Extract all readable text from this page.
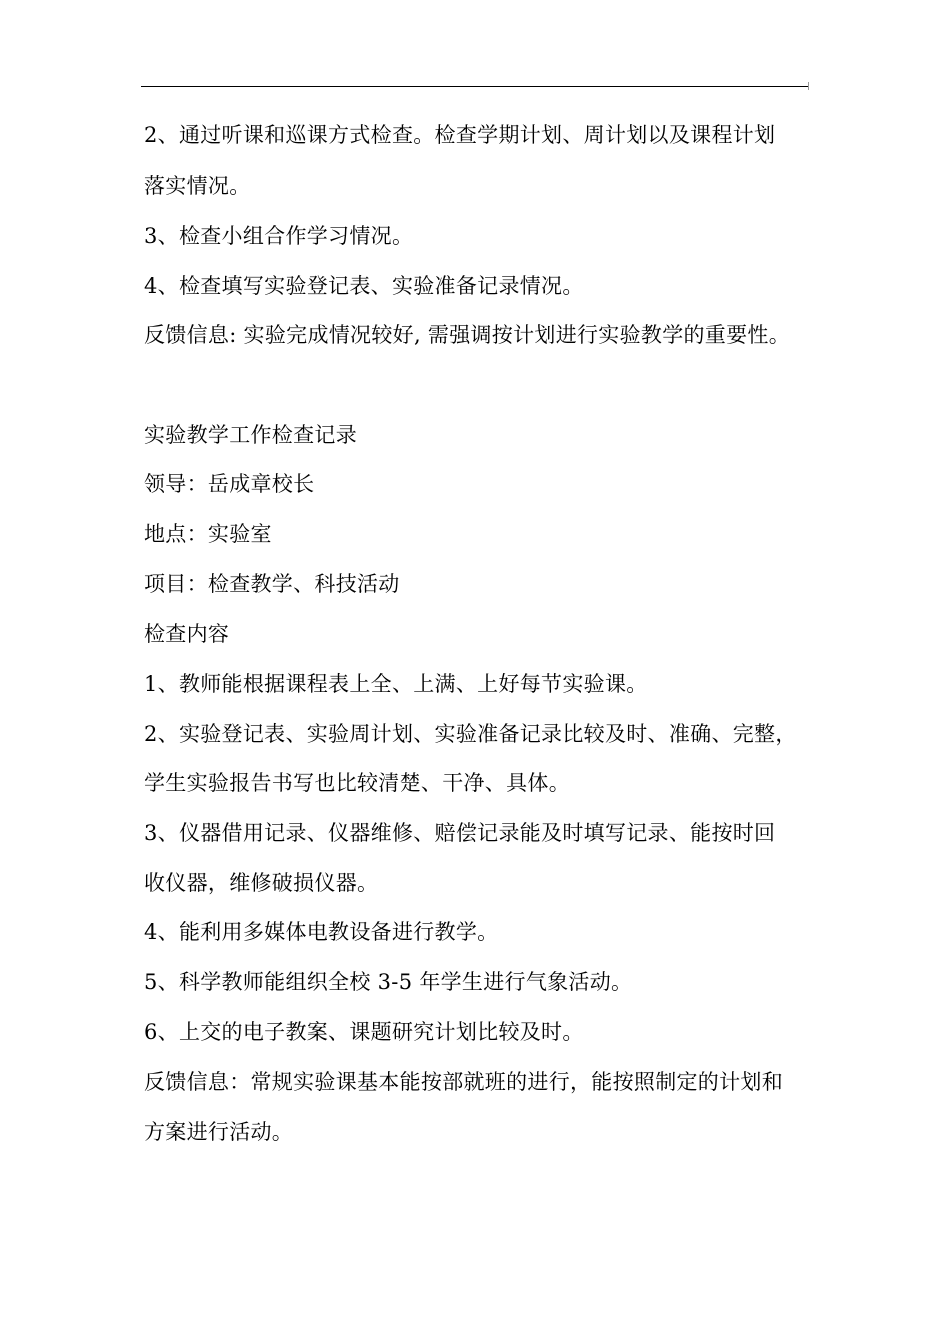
2、通过听课和巡课方式检查。检查学期计划、周计划以及课程计划
落实情况。
3、检查小组合作学习情况。
4、检查填写实验登记表、实验准备记录情况。
反馈信息: 实验完成情况较好, 需强调按计划进行实验教学的重要性。
实验教学工作检查记录
领导：岳成章校长
地点：实验室
项目：检查教学、科技活动
检查内容
1、教师能根据课程表上全、上满、上好每节实验课。
2、实验登记表、实验周计划、实验准备记录比较及时、准确、完整，
学生实验报告书写也比较清楚、干净、具体。
3、仪器借用记录、仪器维修、赔偿记录能及时填写记录、能按时回
收仪器，维修破损仪器。
4、能利用多媒体电教设备进行教学。
5、科学教师能组织全校 3-5 年学生进行气象活动。
6、上交的电子教案、课题研究计划比较及时。
反馈信息：常规实验课基本能按部就班的进行，能按照制定的计划和
方案进行活动。
